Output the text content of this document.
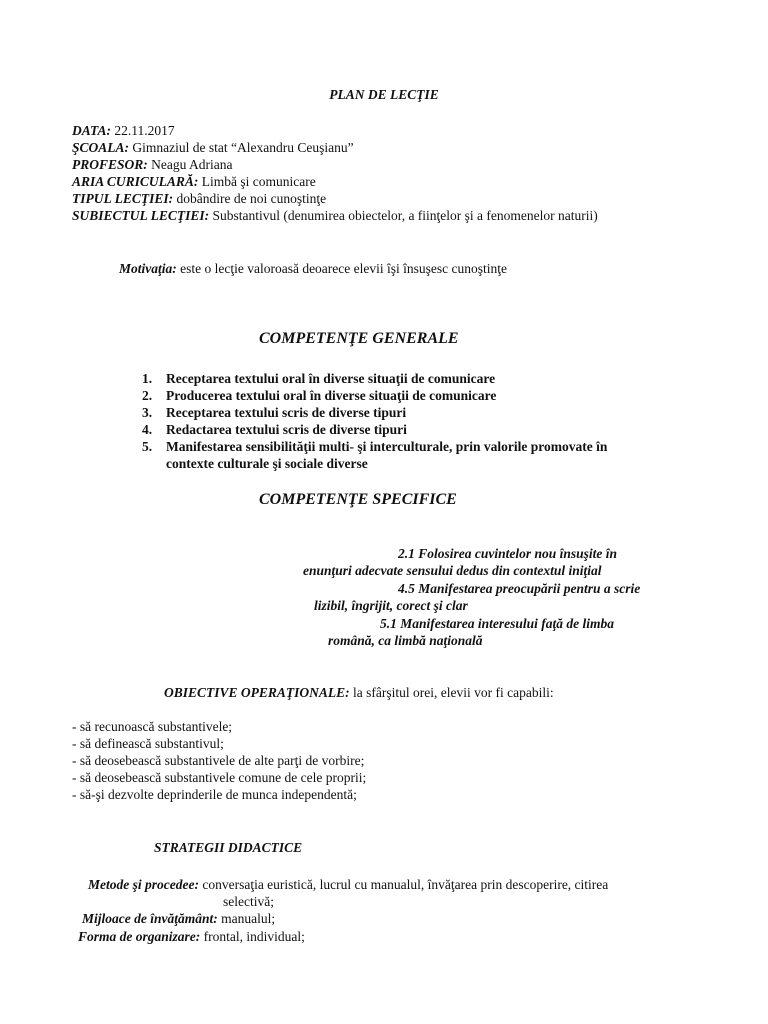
PLAN DE LECŢIE
DATA: 22.11.2017
ŞCOALA: Gimnaziul de stat “Alexandru Ceuşianu”
PROFESOR: Neagu Adriana
ARIA CURICULARĂ: Limbă şi comunicare
TIPUL LECŢIEI: dobândire de noi cunoştinţe
SUBIECTUL LECŢIEI: Substantivul (denumirea obiectelor, a fiinţelor şi a fenomenelor naturii)
Motivaţia: este o lecţie valoroasă deoarece elevii îşi însuşesc cunoştinţe
COMPETENŢE GENERALE
1. Receptarea textului oral în diverse situaţii de comunicare
2. Producerea textului oral în diverse situaţii de comunicare
3. Receptarea textului scris de diverse tipuri
4. Redactarea textului scris de diverse tipuri
5. Manifestarea sensibilităţii multi- şi interculturale, prin valorile promovate în
contexte culturale şi sociale diverse
COMPETENŢE SPECIFICE
2.1 Folosirea cuvintelor nou însuşite în
enunţuri adecvate sensului dedus din contextul iniţial
4.5 Manifestarea preocupării pentru a scrie
lizibil, îngrijit, corect şi clar
5.1 Manifestarea interesului faţă de limba
română, ca limbă naţională
OBIECTIVE OPERAŢIONALE: la sfârşitul orei, elevii vor fi capabili:
- să recunoască substantivele;
- să definească substantivul;
- să deosebească substantivele de alte parţi de vorbire;
- să deosebească substantivele comune de cele proprii;
- să-şi dezvolte deprinderile de munca independentă;
STRATEGII DIDACTICE
Metode şi procedee: conversaţia euristică, lucrul cu manualul, învăţarea prin descoperire, citirea
selectivă;
Mijloace de învăţământ: manualul;
Forma de organizare: frontal, individual;
